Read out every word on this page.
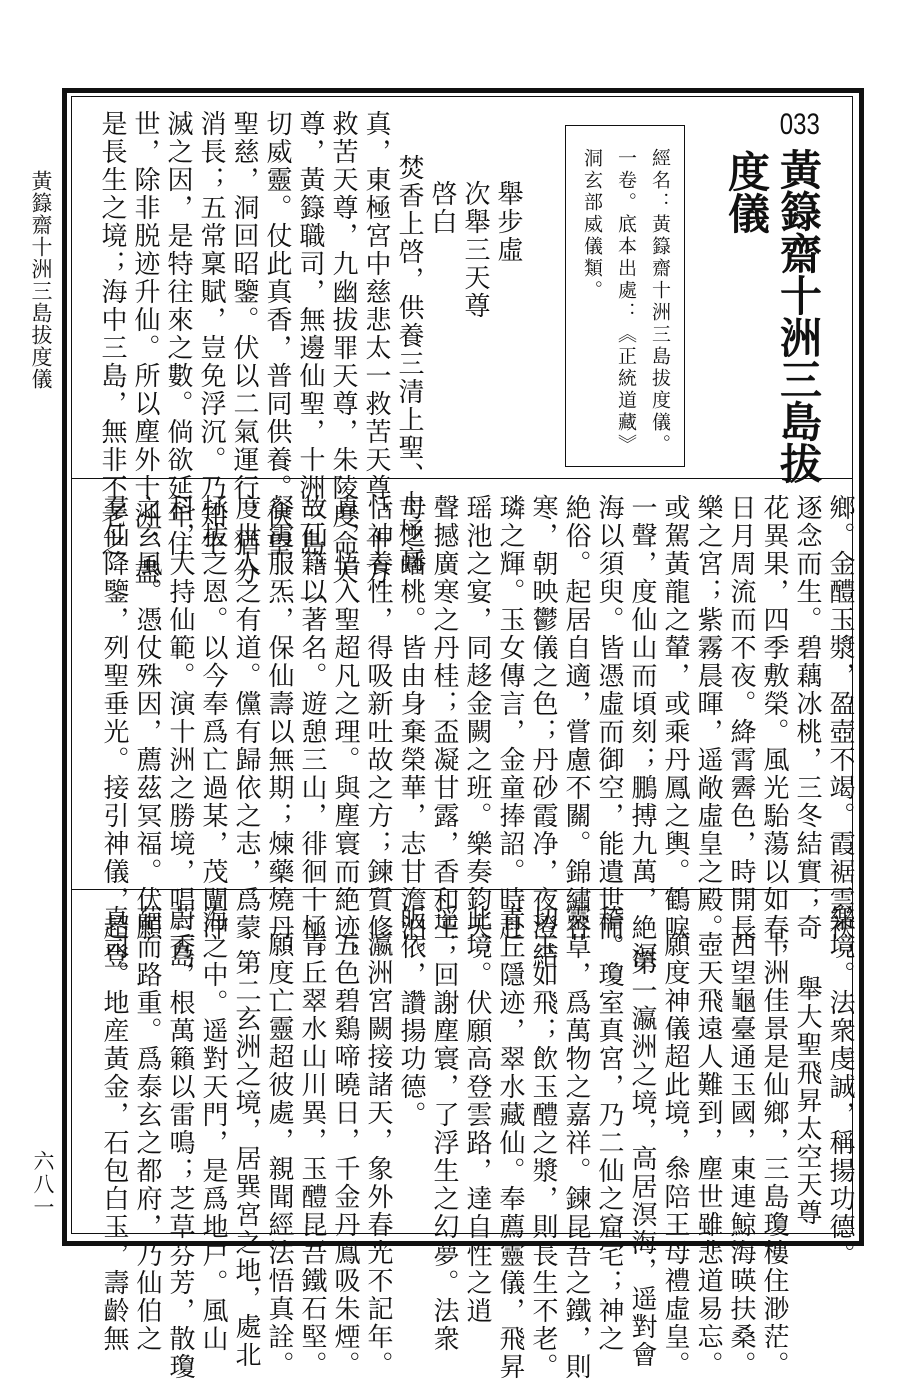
黃籙齋十洲三島拔度儀
六八一
033
黃籙齋十洲三島拔
度儀
經名：黃籙齋十洲三島拔度儀。
一卷。底本出處：《正統道藏》
洞玄部威儀類。
舉步虛
次舉三天尊
啓白
焚香上啓，供養三清上聖、十極高
真，東極宮中慈悲太一救苦天尊，十方
救苦天尊，九幽拔罪天尊，朱陵度命天
尊，黃籙職司，無邊仙聖，十洲三島，一
切威靈。仗此真香，普同供養。伏望
聖慈，洞回昭鑒。伏以二氣運行，猶分
消長；五常稟賦，豈免浮沉。乃知生
滅之因，是特往來之數。倘欲延年住
世，除非脱迹升仙。所以塵外十洲，盡
是長生之境；海中三島，無非不老之
鄉。金醴玉漿，盈壺不竭。霞裾雲袂，
逐念而生。碧藕冰桃，三冬結實；奇
花異果，四季敷榮。風光駘蕩以如春，
日月周流而不夜。絳霄霽色，時開長
樂之宮；紫霧晨暉，遥敞虛皇之殿。
或駕黃龍之輦，或乘丹鳳之輿。鶴唳
一聲，度仙山而頃刻；鵬搏九萬，絶溟
海以須臾。皆憑虛而御空，能遺世而
絶俗。起居自適，嘗慮不關。錦繡谷
寒，朝映鬱儀之色；丹砂霞净，夜澄結
璘之輝。玉女傳言，金童捧詔。時赴
瑶池之宴，同趍金闕之班。樂奏鈞天，
聲撼廣寒之丹桂；盃凝甘露，香和王
母之蟠桃。皆由身棄榮華，志甘澹泊。
恬神養性，得吸新吐故之方；鍊質修
真，悟入聖超凡之理。與塵寰而絶迹，
故仙籍以著名。遊憩三山，徘徊十極。
餐霞服炁，保仙壽以無期；煉藥燒丹，
度世人之有道。儻有歸依之志，爲蒙
拯拔之恩。以今奉爲亡過某，茂闡冲
科，大持仙範。演十洲之勝境，唱三島
之玄風。憑仗殊因，薦茲冥福。伏願
羣仙降鑒，列聖垂光。接引神儀，超登
樂境。法衆虔誠，稱揚功德。
舉大聖飛昇太空天尊
十洲佳景是仙鄉，三島瓊樓住渺茫。
西望龜臺通玉國，東連鯨海暎扶桑。
壺天飛遠人難到，塵世雖悲道易忘。
願度神儀超此境，叅陪王母禮虛皇。
第一瀛洲之境，高居溟海，遥對會
稽。瓊室真宮，乃二仙之窟宅；神之
靈草，爲萬物之嘉祥。鍊昆吾之鐵，則
切玉如飛；飲玉醴之漿，則長生不老。
青丘隱迹，翠水藏仙。奉薦靈儀，飛昇
此境。伏願高登雲路，達自性之逍
遥；回謝塵寰，了浮生之幻夢。法衆
皈依，讚揚功德。
瀛洲宮闕接諸天，象外春光不記年。
五色碧鷄啼曉日，千金丹鳳吸朱煙。
青丘翠水山川異，玉醴昆吾鐵石堅。
願度亡靈超彼處，親聞經法悟真詮。
第二玄洲之境，居巽宮之地，處北
海之中。遥對天門，是爲地户。風山
蔚秀，根萬籟以雷鳴；芝草芬芳，散瓊
葩而路重。爲泰玄之都府，乃仙伯之
真司。地産黃金，石包白玉，壽齡無
